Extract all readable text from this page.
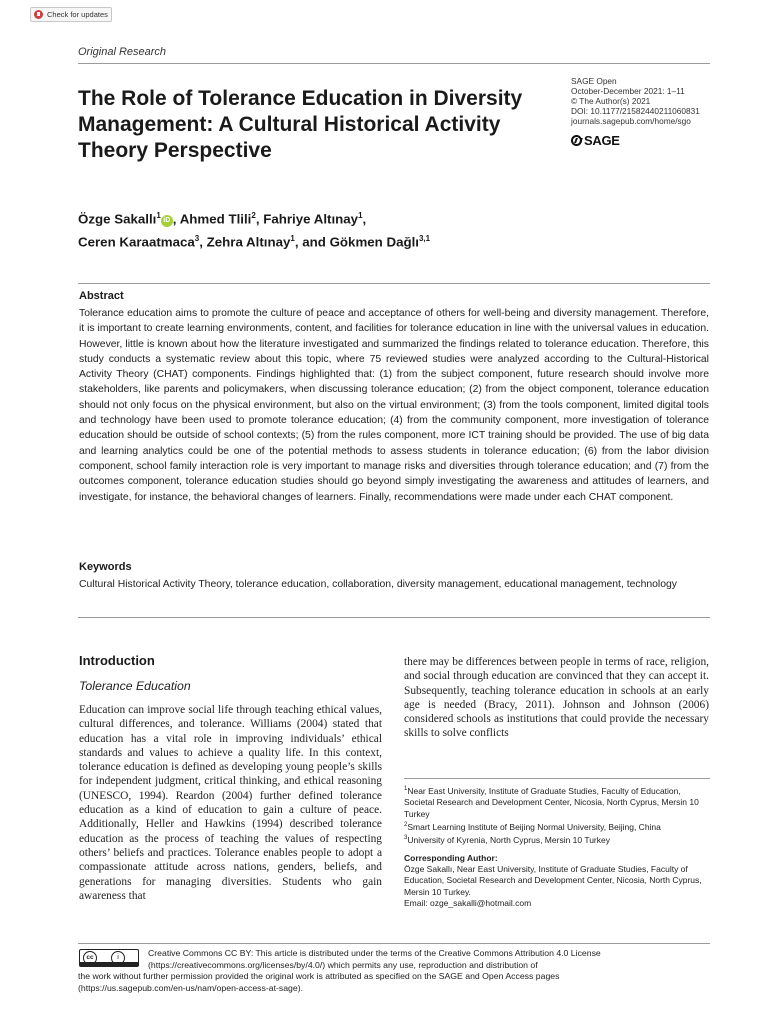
Check for updates
Original Research
SAGE Open
October-December 2021: 1–11
© The Author(s) 2021
DOI: 10.1177/21582440211060831
journals.sagepub.com/home/sgo
SAGE
The Role of Tolerance Education in Diversity Management: A Cultural Historical Activity Theory Perspective
Özge Sakallı$^1$iD , Ahmed Tlili$^2$, Fahriye Altınay$^1$,
Ceren Karaatmaca$^3$, Zehra Altınay$^1$, and Gökmen Dağlı$^{3,1}$
Abstract
Tolerance education aims to promote the culture of peace and acceptance of others for well-being and diversity management. Therefore, it is important to create learning environments, content, and facilities for tolerance education in line with the universal values in education. However, little is known about how the literature investigated and summarized the findings related to tolerance education. Therefore, this study conducts a systematic review about this topic, where 75 reviewed studies were analyzed according to the Cultural-Historical Activity Theory (CHAT) components. Findings highlighted that: (1) from the subject component, future research should involve more stakeholders, like parents and policymakers, when discussing tolerance education; (2) from the object component, tolerance education should not only focus on the physical environment, but also on the virtual environment; (3) from the tools component, limited digital tools and technology have been used to promote tolerance education; (4) from the community component, more investigation of tolerance education should be outside of school contexts; (5) from the rules component, more ICT training should be provided. The use of big data and learning analytics could be one of the potential methods to assess students in tolerance education; (6) from the labor division component, school family interaction role is very important to manage risks and diversities through tolerance education; and (7) from the outcomes component, tolerance education studies should go beyond simply investigating the awareness and attitudes of learners, and investigate, for instance, the behavioral changes of learners. Finally, recommendations were made under each CHAT component.
Keywords
Cultural Historical Activity Theory, tolerance education, collaboration, diversity management, educational management, technology
Introduction
Tolerance Education
Education can improve social life through teaching ethical values, cultural differences, and tolerance. Williams (2004) stated that education has a vital role in improving individuals’ ethical standards and values to achieve a quality life. In this context, tolerance education is defined as developing young people’s skills for independent judgment, critical thinking, and ethical reasoning (UNESCO, 1994). Reardon (2004) further defined tolerance education as a kind of education to gain a culture of peace. Additionally, Heller and Hawkins (1994) described tolerance education as the process of teaching the values of respecting others’ beliefs and practices. Tolerance enables people to adopt a compassionate attitude across nations, genders, beliefs, and generations for managing diversities. Students who gain awareness that
there may be differences between people in terms of race, religion, and social through education are convinced that they can accept it. Subsequently, teaching tolerance education in schools at an early age is needed (Bracy, 2011). Johnson and Johnson (2006) considered schools as institutions that could provide the necessary skills to solve conflicts
$^1$Near East University, Institute of Graduate Studies, Faculty of Education, Societal Research and Development Center, Nicosia, North Cyprus, Mersin 10 Turkey
$^2$Smart Learning Institute of Beijing Normal University, Beijing, China
$^3$University of Kyrenia, North Cyprus, Mersin 10 Turkey
Corresponding Author:
Özge Sakallı, Near East University, Institute of Graduate Studies, Faculty of Education, Societal Research and Development Center, Nicosia, North Cyprus, Mersin 10 Turkey.
Email: ozge_sakalli@hotmail.com
cc	i	Creative Commons CC BY: This article is distributed under the terms of the Creative Commons Attribution 4.0 License
(https://creativecommons.org/licenses/by/4.0/) which permits any use, reproduction and distribution of
the work without further permission provided the original work is attributed as specified on the SAGE and Open Access pages
(https://us.sagepub.com/en-us/nam/open-access-at-sage).
